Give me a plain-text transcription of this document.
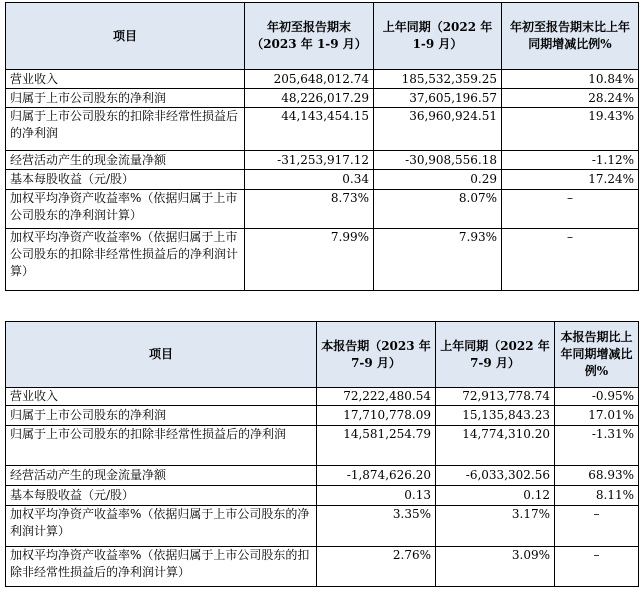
项目	年初至报告期末（2023 年 1-9 月）	上年同期（2022 年 1-9 月）	年初至报告期末比上年同期增减比例%
营业收入	205,648,012.74	185,532,359.25	10.84%
归属于上市公司股东的净利润	48,226,017.29	37,605,196.57	28.24%
归属于上市公司股东的扣除非经常性损益后的净利润	44,143,454.15	36,960,924.51	19.43%
经营活动产生的现金流量净额	-31,253,917.12	-30,908,556.18	-1.12%
基本每股收益（元/股）	0.34	0.29	17.24%
加权平均净资产收益率%（依据归属于上市公司股东的净利润计算）	8.73%	8.07%	–
加权平均净资产收益率%（依据归属于上市公司股东的扣除非经常性损益后的净利润计算）	7.99%	7.93%	–
项目	本报告期（2023 年 7-9 月）	上年同期（2022 年 7-9 月）	本报告期比上年同期增减比例%
营业收入	72,222,480.54	72,913,778.74	-0.95%
归属于上市公司股东的净利润	17,710,778.09	15,135,843.23	17.01%
归属于上市公司股东的扣除非经常性损益后的净利润	14,581,254.79	14,774,310.20	-1.31%
经营活动产生的现金流量净额	-1,874,626.20	-6,033,302.56	68.93%
基本每股收益（元/股）	0.13	0.12	8.11%
加权平均净资产收益率%（依据归属于上市公司股东的净利润计算）	3.35%	3.17%	–
加权平均净资产收益率%（依据归属于上市公司股东的扣除非经常性损益后的净利润计算）	2.76%	3.09%	–
